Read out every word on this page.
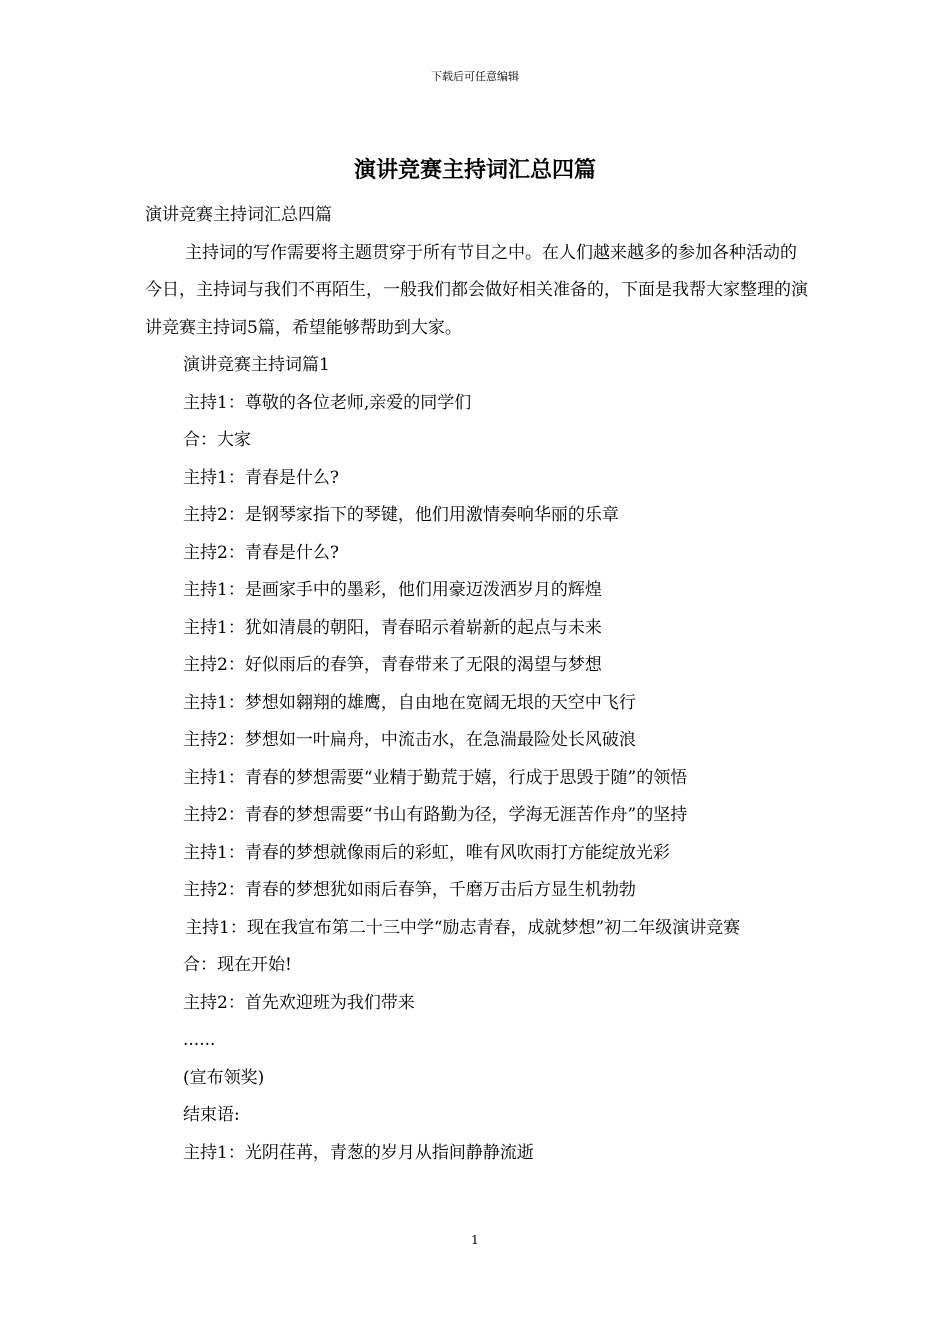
下载后可任意编辑
演讲竞赛主持词汇总四篇

演讲竞赛主持词汇总四篇

主持词的写作需要将主题贯穿于所有节目之中。在人们越来越多的参加各种活动的今日，主持词与我们不再陌生，一般我们都会做好相关准备的，下面是我帮大家整理的演讲竞赛主持词5篇，希望能够帮助到大家。

演讲竞赛主持词篇1

主持1：尊敬的各位老师,亲爱的同学们

合：大家

主持1：青春是什么?

主持2：是钢琴家指下的琴键，他们用激情奏响华丽的乐章

主持2：青春是什么?

主持1：是画家手中的墨彩，他们用豪迈泼洒岁月的辉煌

主持1：犹如清晨的朝阳，青春昭示着崭新的起点与未来

主持2：好似雨后的春笋，青春带来了无限的渴望与梦想

主持1：梦想如翱翔的雄鹰，自由地在宽阔无垠的天空中飞行

主持2：梦想如一叶扁舟，中流击水，在急湍最险处长风破浪

主持1：青春的梦想需要“业精于勤荒于嬉，行成于思毁于随”的领悟

主持2：青春的梦想需要“书山有路勤为径，学海无涯苦作舟”的坚持

主持1：青春的梦想就像雨后的彩虹，唯有风吹雨打方能绽放光彩

主持2：青春的梦想犹如雨后春笋，千磨万击后方显生机勃勃

主持1：现在我宣布第二十三中学“励志青春，成就梦想”初二年级演讲竞赛

合：现在开始!

主持2：首先欢迎班为我们带来

......

(宣布领奖)

结束语:

主持1：光阴荏苒，青葱的岁月从指间静静流逝

1
